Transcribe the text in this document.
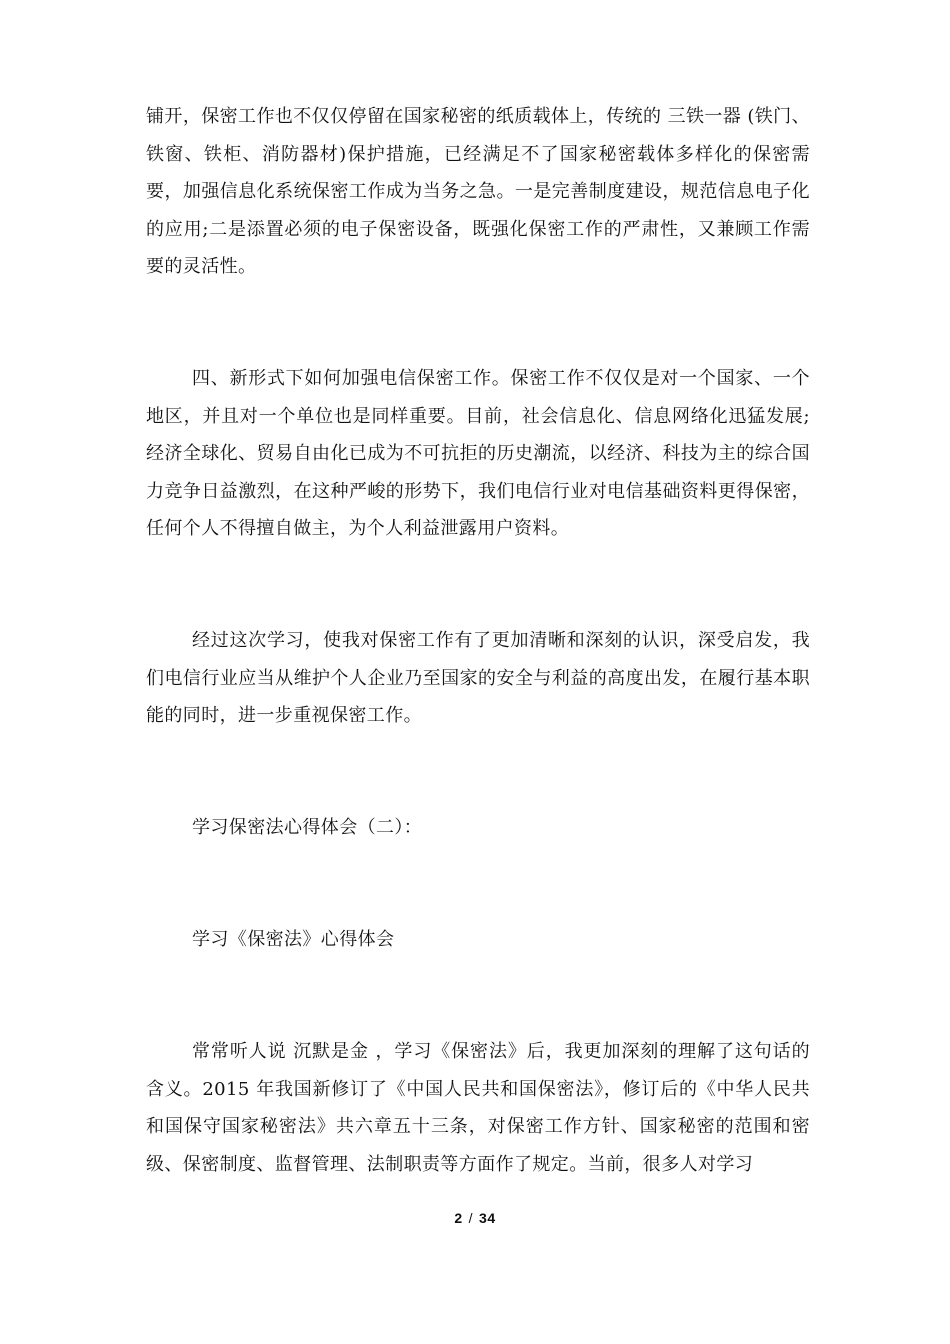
铺开，保密工作也不仅仅停留在国家秘密的纸质载体上，传统的 三铁一器 (铁门、铁窗、铁柜、消防器材)保护措施，已经满足不了国家秘密载体多样化的保密需要，加强信息化系统保密工作成为当务之急。一是完善制度建设，规范信息电子化的应用;二是添置必须的电子保密设备，既强化保密工作的严肃性，又兼顾工作需要的灵活性。

四、新形式下如何加强电信保密工作。保密工作不仅仅是对一个国家、一个地区，并且对一个单位也是同样重要。目前，社会信息化、信息网络化迅猛发展;经济全球化、贸易自由化已成为不可抗拒的历史潮流，以经济、科技为主的综合国力竞争日益激烈，在这种严峻的形势下，我们电信行业对电信基础资料更得保密，任何个人不得擅自做主，为个人利益泄露用户资料。

经过这次学习，使我对保密工作有了更加清晰和深刻的认识，深受启发，我们电信行业应当从维护个人企业乃至国家的安全与利益的高度出发，在履行基本职能的同时，进一步重视保密工作。

学习保密法心得体会（二）：

学习《保密法》心得体会

常常听人说 沉默是金 ，学习《保密法》后，我更加深刻的理解了这句话的含义。2015 年我国新修订了《中国人民共和国保密法》，修订后的《中华人民共和国保守国家秘密法》共六章五十三条，对保密工作方针、国家秘密的范围和密级、保密制度、监督管理、法制职责等方面作了规定。当前，很多人对学习

2 / 34
